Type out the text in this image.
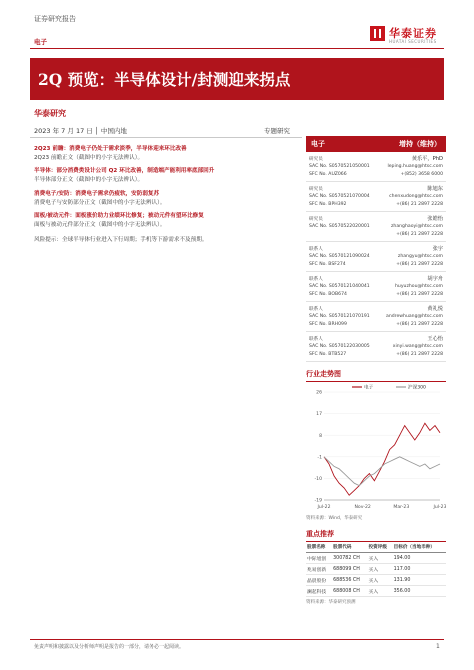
证券研究报告
电子
华泰证券
HUATAI SECURITIES
2Q 预览：半导体设计/封测迎来拐点
华泰研究
2023 年 7 月 17 日 │ 中国内地	专题研究
2Q23 前瞻：消费电子仍处于需求淡季，半导体迎来环比改善
2Q23 前瞻正文（截图中的小字无法辨认）。
半导体：部分消费类设计公司 Q2 环比改善，制造端产能利用率底部回升
半导体部分正文（截图中的小字无法辨认）。
消费电子/安防：消费电子需求仍疲软，安防弱复苏
消费电子与安防部分正文（截图中的小字无法辨认）。
面板/被动元件：面板涨价助力业绩环比修复；被动元件有望环比修复
面板与被动元件部分正文（截图中的小字无法辨认）。
风险提示：全球半导体行业进入下行周期；手机等下游需求不及预期。
电子	增持（维持）
研究员	黄乐平，PhD
SAC No. S0570521050001
SFC No. AUZ066
leping.huang@htsc.com
+(852) 3658 6000
研究员	陈旭东
SAC No. S0570521070004
SFC No. BPH392
chenxudong@htsc.com
+(86) 21 2897 2228
研究员	张皓怡
SAC No. S0570522020001	zhanghaoyi@htsc.com
+(86) 21 2897 2228
联系人	张宇
SAC No. S0570121090024
SFC No. BSF274
zhangyu@htsc.com
+(86) 21 2897 2228
联系人	胡宇舟
SAC No. S0570121040041
SFC No. BOB674
huyuzhou@htsc.com
+(86) 21 2897 2228
联系人	黄礼悦
SAC No. S0570121070191
SFC No. BRH099
andrewhuang@htsc.com
+(86) 21 2897 2228
联系人	王心怡
SAC No. S0570122030005
SFC No. BTB527
xinyi.wang@htsc.com
+(86) 21 2897 2228
行业走势图
26
17
8
-1
-10
-19
Jul-22	Nov-22	Mar-23	Jul-23
电子	沪深300
资料来源：Wind，华泰研究
重点推荐
股票名称	股票代码	投资评级	目标价（当地币种）
中际旭创	300782 CH	买入	194.00
兆易创新	688099 CH	买入	117.00
晶晨股份	688536 CH	买入	131.90
澜起科技	688008 CH	买入	356.00
资料来源：华泰研究预测
免责声明和披露以及分析师声明是报告的一部分，请务必一起阅读。	1
